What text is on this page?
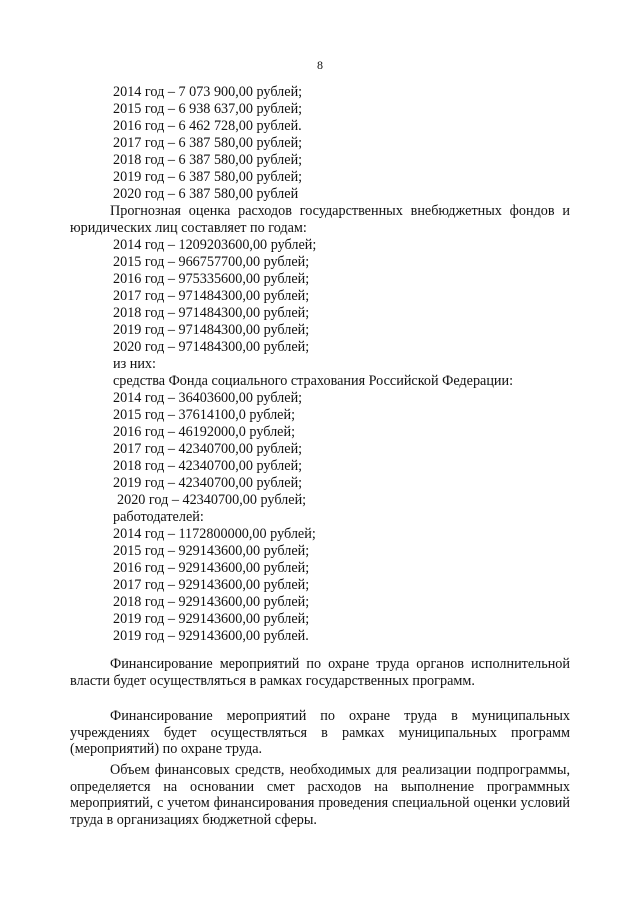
8
2014 год – 7 073 900,00 рублей;
2015 год – 6 938 637,00 рублей;
2016 год – 6 462 728,00 рублей.
2017 год – 6 387 580,00 рублей;
2018 год – 6 387 580,00 рублей;
2019 год – 6 387 580,00 рублей;
2020 год – 6 387 580,00 рублей
Прогнозная оценка расходов государственных внебюджетных фондов и юридических лиц составляет по годам:
2014 год – 1209203600,00 рублей;
2015 год – 966757700,00 рублей;
2016 год – 975335600,00 рублей;
2017 год – 971484300,00 рублей;
2018 год – 971484300,00 рублей;
2019 год – 971484300,00 рублей;
2020 год – 971484300,00 рублей;
из них:
средства Фонда социального страхования Российской Федерации:
2014 год – 36403600,00 рублей;
2015 год – 37614100,0 рублей;
2016 год – 46192000,0 рублей;
2017 год – 42340700,00 рублей;
2018 год – 42340700,00 рублей;
2019 год – 42340700,00 рублей;
2020 год – 42340700,00 рублей;
работодателей:
2014 год – 1172800000,00 рублей;
2015 год – 929143600,00 рублей;
2016 год – 929143600,00 рублей;
2017 год – 929143600,00 рублей;
2018 год – 929143600,00 рублей;
2019 год – 929143600,00 рублей;
2019 год – 929143600,00 рублей.
Финансирование мероприятий по охране труда органов исполнительной власти будет осуществляться в рамках государственных программ.
Финансирование мероприятий по охране труда в муниципальных учреждениях будет осуществляться в рамках муниципальных программ (мероприятий) по охране труда.
Объем финансовых средств, необходимых для реализации подпрограммы, определяется на основании смет расходов на выполнение программных мероприятий, с учетом финансирования проведения специальной оценки условий труда в организациях бюджетной сферы.
